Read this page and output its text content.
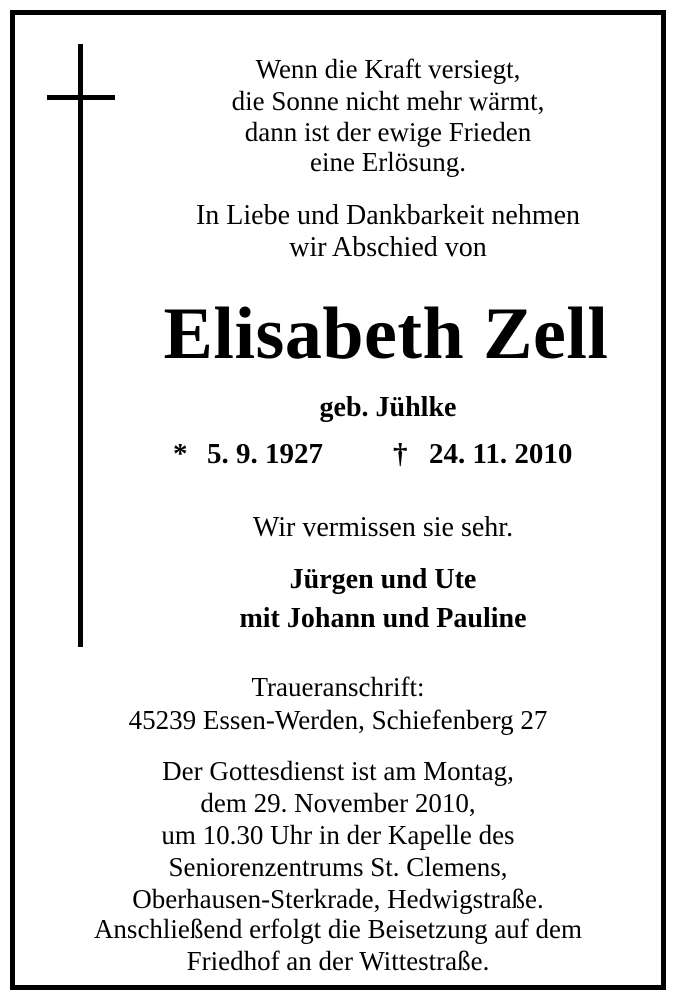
Wenn die Kraft versiegt,
die Sonne nicht mehr wärmt,
dann ist der ewige Frieden
eine Erlösung.
In Liebe und Dankbarkeit nehmen
wir Abschied von
Elisabeth Zell
geb. Jühlke
* 5. 9. 1927 † 24. 11. 2010
Wir vermissen sie sehr.
Jürgen und Ute
mit Johann und Pauline
Traueranschrift:
45239 Essen-Werden, Schiefenberg 27
Der Gottesdienst ist am Montag,
dem 29. November 2010,
um 10.30 Uhr in der Kapelle des
Seniorenzentrums St. Clemens,
Oberhausen-Sterkrade, Hedwigstraße.
Anschließend erfolgt die Beisetzung auf dem
Friedhof an der Wittestraße.
